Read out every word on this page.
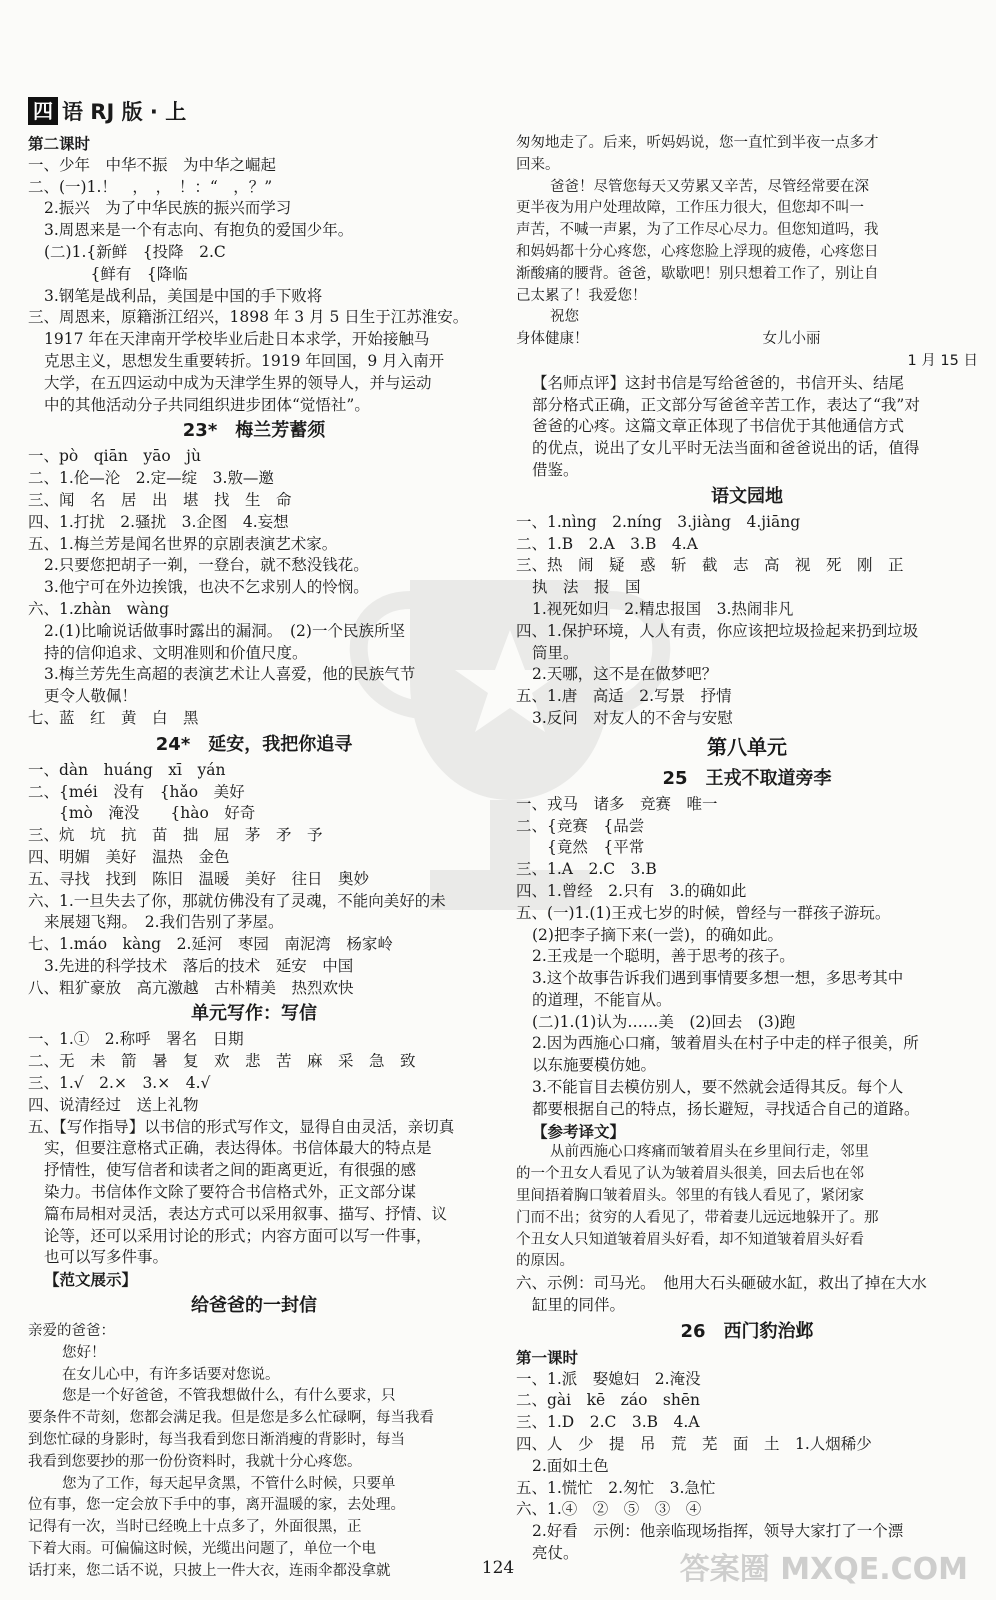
四 语 RJ 版 · 上
第二课时
一、少年　中华不振　为中华之崛起
二、(一)1.！　，　，　！：“　，？”
2.振兴　为了中华民族的振兴而学习
3.周恩来是一个有志向、有抱负的爱国少年。
(二)1.{新鲜　{投降　2.C
　　　{鲜有　{降临
3.钢笔是战利品，美国是中国的手下败将
三、周恩来，原籍浙江绍兴，1898 年 3 月 5 日生于江苏淮安。
1917 年在天津南开学校毕业后赴日本求学，开始接触马
克思主义，思想发生重要转折。1919 年回国，9 月入南开
大学，在五四运动中成为天津学生界的领导人，并与运动
中的其他活动分子共同组织进步团体“觉悟社”。
23*　梅兰芳蓄须
一、pò　qiān　yāo　jù
二、1.伦—沦　2.定—绽　3.敫—邀
三、闻　名　居　出　堪　找　生　命
四、1.打扰　2.骚扰　3.企图　4.妄想
五、1.梅兰芳是闻名世界的京剧表演艺术家。
2.只要您把胡子一剃，一登台，就不愁没钱花。
3.他宁可在外边挨饿，也决不乞求别人的怜悯。
六、1.zhàn　wàng
2.(1)比喻说话做事时露出的漏洞。　(2)一个民族所坚
持的信仰追求、文明准则和价值尺度。
3.梅兰芳先生高超的表演艺术让人喜爱，他的民族气节
更令人敬佩！
七、蓝　红　黄　白　黑
24*　延安，我把你追寻
一、dàn　huáng　xī　yán
二、{méi　没有　{hǎo　美好
　　{mò　淹没　　{hào　好奇
三、炕　坑　抗　苗　拙　屈　茅　矛　予
四、明媚　美好　温热　金色
五、寻找　找到　陈旧　温暖　美好　往日　奥妙
六、1.一旦失去了你，那就仿佛没有了灵魂，不能向美好的未
来展翅飞翔。　2.我们告别了茅屋。
七、1.máo　kàng　2.延河　枣园　南泥湾　杨家岭
3.先进的科学技术　落后的技术　延安　中国
八、粗犷豪放　高亢激越　古朴精美　热烈欢快
单元写作：写信
一、1.①　2.称呼　署名　日期
二、无　未　箭　暑　复　欢　悲　苦　麻　采　急　致
三、1.√　2.×　3.×　4.√
四、说清经过　送上礼物
五、【写作指导】以书信的形式写作文，显得自由灵活，亲切真
实，但要注意格式正确，表达得体。书信体最大的特点是
抒情性，使写信者和读者之间的距离更近，有很强的感
染力。书信体作文除了要符合书信格式外，正文部分谋
篇布局相对灵活，表达方式可以采用叙事、描写、抒情、议
论等，还可以采用讨论的形式；内容方面可以写一件事，
也可以写多件事。
【范文展示】
给爸爸的一封信
亲爱的爸爸：
您好！
在女儿心中，有许多话要对您说。
您是一个好爸爸，不管我想做什么，有什么要求，只
要条件不苛刻，您都会满足我。但是您是多么忙碌啊，每当我看
到您忙碌的身影时，每当我看到您日渐消瘦的背影时，每当
我看到您要抄的那一份份资料时，我就十分心疼您。
您为了工作，每天起早贪黑，不管什么时候，只要单
位有事，您一定会放下手中的事，离开温暖的家，去处理。
记得有一次，当时已经晚上十点多了，外面很黑，正
下着大雨。可偏偏这时候，光缆出问题了，单位一个电
话打来，您二话不说，只披上一件大衣，连雨伞都没拿就
匆匆地走了。后来，听妈妈说，您一直忙到半夜一点多才
回来。
爸爸！尽管您每天又劳累又辛苦，尽管经常要在深
更半夜为用户处理故障，工作压力很大，但您却不叫一
声苦，不喊一声累，为了工作尽心尽力。但您知道吗，我
和妈妈都十分心疼您，心疼您脸上浮现的疲倦，心疼您日
渐酸痛的腰背。爸爸，歇歇吧！别只想着工作了，别让自
己太累了！我爱您！
祝您
身体健康！　　　　　　　　　　　　女儿小丽
1 月 15 日
【名师点评】这封书信是写给爸爸的，书信开头、结尾
部分格式正确，正文部分写爸爸辛苦工作，表达了“我”对
爸爸的心疼。这篇文章正体现了书信优于其他通信方式
的优点，说出了女儿平时无法当面和爸爸说出的话，值得
借鉴。
语文园地
一、1.nìng　2.níng　3.jiàng　4.jiāng
二、1.B　2.A　3.B　4.A
三、热　闹　疑　惑　斩　截　志　高　视　死　刚　正
执　法　报　国
1.视死如归　2.精忠报国　3.热闹非凡
四、1.保护环境，人人有责，你应该把垃圾捡起来扔到垃圾
筒里。
2.天哪，这不是在做梦吧？
五、1.唐　高适　2.写景　抒情
3.反问　对友人的不舍与安慰
第八单元
25　王戎不取道旁李
一、戎马　诸多　竞赛　唯一
二、{竞赛　{品尝
　　{竟然　{平常
三、1.A　2.C　3.B
四、1.曾经　2.只有　3.的确如此
五、(一)1.(1)王戎七岁的时候，曾经与一群孩子游玩。
(2)把李子摘下来(一尝)，的确如此。
2.王戎是一个聪明，善于思考的孩子。
3.这个故事告诉我们遇到事情要多想一想，多思考其中
的道理，不能盲从。
(二)1.(1)认为……美　(2)回去　(3)跑
2.因为西施心口痛，皱着眉头在村子中走的样子很美，所
以东施要模仿她。
3.不能盲目去模仿别人，要不然就会适得其反。每个人
都要根据自己的特点，扬长避短，寻找适合自己的道路。
【参考译文】
从前西施心口疼痛而皱着眉头在乡里间行走，邻里
的一个丑女人看见了认为皱着眉头很美，回去后也在邻
里间捂着胸口皱着眉头。邻里的有钱人看见了，紧闭家
门而不出；贫穷的人看见了，带着妻儿远远地躲开了。那
个丑女人只知道皱着眉头好看，却不知道皱着眉头好看
的原因。
六、示例：司马光。　他用大石头砸破水缸，救出了掉在大水
缸里的同伴。
26　西门豹治邺
第一课时
一、1.派　娶媳妇　2.淹没
二、gài　kē　záo　shēn
三、1.D　2.C　3.B　4.A
四、人　少　提　吊　荒　芜　面　土　1.人烟稀少
2.面如土色
五、1.慌忙　2.匆忙　3.急忙
六、1.④　②　⑤　③　④
2.好看　示例：他亲临现场指挥，领导大家打了一个漂
亮仗。
124	答案圈 MXQE.COM
